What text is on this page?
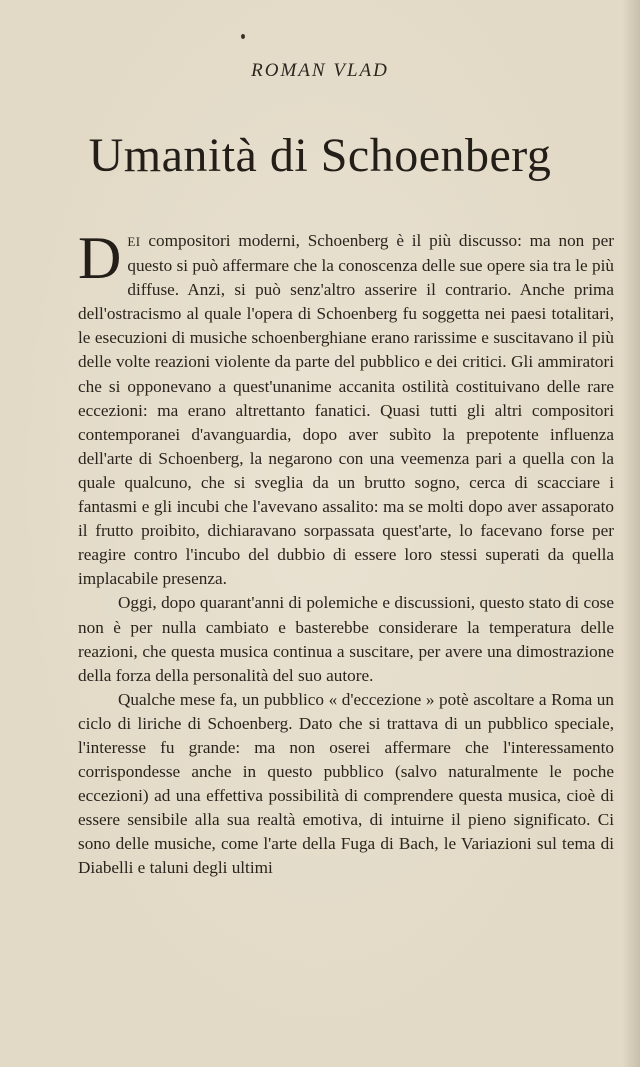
ROMAN VLAD
Umanità di Schoenberg

DEI compositori moderni, Schoenberg è il più discusso: ma non per questo si può affermare che la conoscenza delle sue opere sia tra le più diffuse. Anzi, si può senz'altro asserire il contrario. Anche prima dell'ostracismo al quale l'opera di Schoenberg fu soggetta nei paesi totalitari, le esecuzioni di musiche schoenberghiane erano rarissime e suscitavano il più delle volte reazioni violente da parte del pubblico e dei critici. Gli ammiratori che si opponevano a quest'unanime accanita ostilità costituivano delle rare eccezioni: ma erano altrettanto fanatici. Quasi tutti gli altri compositori contemporanei d'avanguardia, dopo aver subìto la prepotente influenza dell'arte di Schoenberg, la negarono con una veemenza pari a quella con la quale qualcuno, che si sveglia da un brutto sogno, cerca di scacciare i fantasmi e gli incubi che l'avevano assalito: ma se molti dopo aver assaporato il frutto proibito, dichiaravano sorpassata quest'arte, lo facevano forse per reagire contro l'incubo del dubbio di essere loro stessi superati da quella implacabile presenza.

Oggi, dopo quarant'anni di polemiche e discussioni, questo stato di cose non è per nulla cambiato e basterebbe considerare la temperatura delle reazioni, che questa musica continua a suscitare, per avere una dimostrazione della forza della personalità del suo autore.

Qualche mese fa, un pubblico « d'eccezione » potè ascoltare a Roma un ciclo di liriche di Schoenberg. Dato che si trattava di un pubblico speciale, l'interesse fu grande: ma non oserei affermare che l'interessamento corrispondesse anche in questo pubblico (salvo naturalmente le poche eccezioni) ad una effettiva possibilità di comprendere questa musica, cioè di essere sensibile alla sua realtà emotiva, di intuirne il pieno significato. Ci sono delle musiche, come l'arte della Fuga di Bach, le Variazioni sul tema di Diabelli e taluni degli ultimi
